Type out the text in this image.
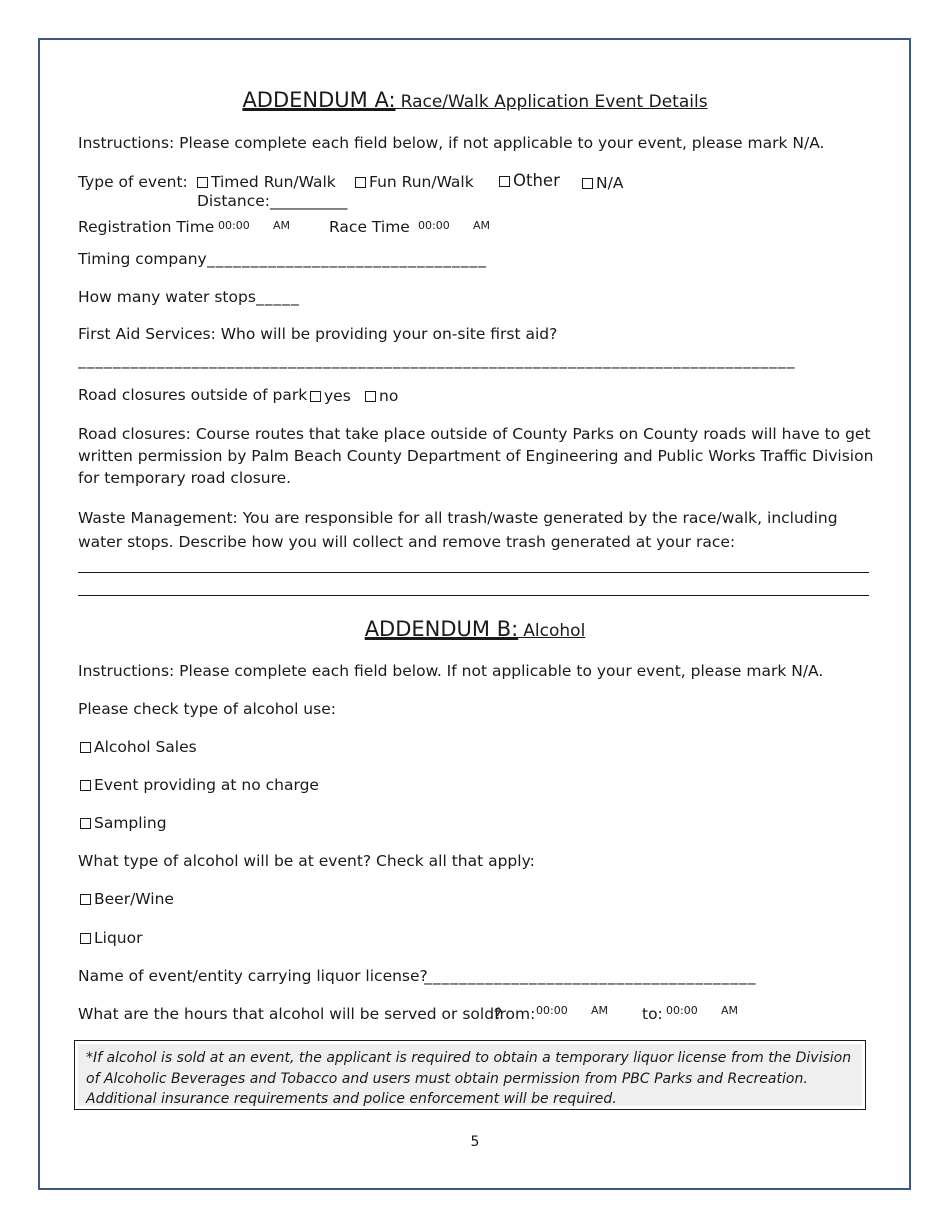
ADDENDUM A: Race/Walk Application Event Details
Instructions: Please complete each field below, if not applicable to your event, please mark N/A.
Type of event:	Timed Run/Walk	Fun Run/Walk	Other	N/A
Distance:__________
Registration Time 00:00 AM	Race Time 00:00 AM
Timing company ________________________________
How many water stops _____
First Aid Services: Who will be providing your on-site first aid?
__________________________________________________________________________________
Road closures outside of park	yes	no
Road closures: Course routes that take place outside of County Parks on County roads will have to get written permission by Palm Beach County Department of Engineering and Public Works Traffic Division for temporary road closure.
Waste Management: You are responsible for all trash/waste generated by the race/walk, including water stops. Describe how you will collect and remove trash generated at your race:
ADDENDUM B: Alcohol
Instructions: Please complete each field below. If not applicable to your event, please mark N/A.
Please check type of alcohol use:
Alcohol Sales
Event providing at no charge
Sampling
What type of alcohol will be at event? Check all that apply:
Beer/Wine
Liquor
Name of event/entity carrying liquor license?
______________________________________
What are the hours that alcohol will be served or sold?
from: 00:00 AM to: 00:00 AM
*If alcohol is sold at an event, the applicant is required to obtain a temporary liquor license from the Division of Alcoholic Beverages and Tobacco and users must obtain permission from PBC Parks and Recreation. Additional insurance requirements and police enforcement will be required.
5
